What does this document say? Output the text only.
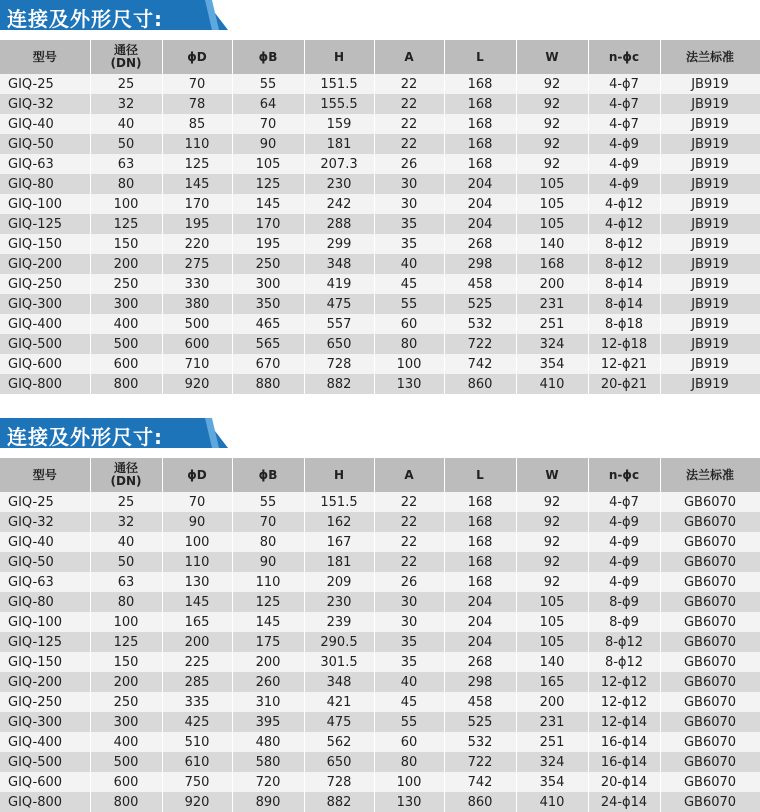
连接及外形尺寸:
型号	通径
(DN)	ϕD	ϕB	H	A	L	W	n-ϕc	法兰标准
GIQ-25	25	70	55	151.5	22	168	92	4-ϕ7	JB919
GIQ-32	32	78	64	155.5	22	168	92	4-ϕ7	JB919
GIQ-40	40	85	70	159	22	168	92	4-ϕ7	JB919
GIQ-50	50	110	90	181	22	168	92	4-ϕ9	JB919
GIQ-63	63	125	105	207.3	26	168	92	4-ϕ9	JB919
GIQ-80	80	145	125	230	30	204	105	4-ϕ9	JB919
GIQ-100	100	170	145	242	30	204	105	4-ϕ12	JB919
GIQ-125	125	195	170	288	35	204	105	4-ϕ12	JB919
GIQ-150	150	220	195	299	35	268	140	8-ϕ12	JB919
GIQ-200	200	275	250	348	40	298	168	8-ϕ12	JB919
GIQ-250	250	330	300	419	45	458	200	8-ϕ14	JB919
GIQ-300	300	380	350	475	55	525	231	8-ϕ14	JB919
GIQ-400	400	500	465	557	60	532	251	8-ϕ18	JB919
GIQ-500	500	600	565	650	80	722	324	12-ϕ18	JB919
GIQ-600	600	710	670	728	100	742	354	12-ϕ21	JB919
GIQ-800	800	920	880	882	130	860	410	20-ϕ21	JB919
连接及外形尺寸:
型号	通径
(DN)	ϕD	ϕB	H	A	L	W	n-ϕc	法兰标准
GIQ-25	25	70	55	151.5	22	168	92	4-ϕ7	GB6070
GIQ-32	32	90	70	162	22	168	92	4-ϕ9	GB6070
GIQ-40	40	100	80	167	22	168	92	4-ϕ9	GB6070
GIQ-50	50	110	90	181	22	168	92	4-ϕ9	GB6070
GIQ-63	63	130	110	209	26	168	92	4-ϕ9	GB6070
GIQ-80	80	145	125	230	30	204	105	8-ϕ9	GB6070
GIQ-100	100	165	145	239	30	204	105	8-ϕ9	GB6070
GIQ-125	125	200	175	290.5	35	204	105	8-ϕ12	GB6070
GIQ-150	150	225	200	301.5	35	268	140	8-ϕ12	GB6070
GIQ-200	200	285	260	348	40	298	165	12-ϕ12	GB6070
GIQ-250	250	335	310	421	45	458	200	12-ϕ12	GB6070
GIQ-300	300	425	395	475	55	525	231	12-ϕ14	GB6070
GIQ-400	400	510	480	562	60	532	251	16-ϕ14	GB6070
GIQ-500	500	610	580	650	80	722	324	16-ϕ14	GB6070
GIQ-600	600	750	720	728	100	742	354	20-ϕ14	GB6070
GIQ-800	800	920	890	882	130	860	410	24-ϕ14	GB6070
